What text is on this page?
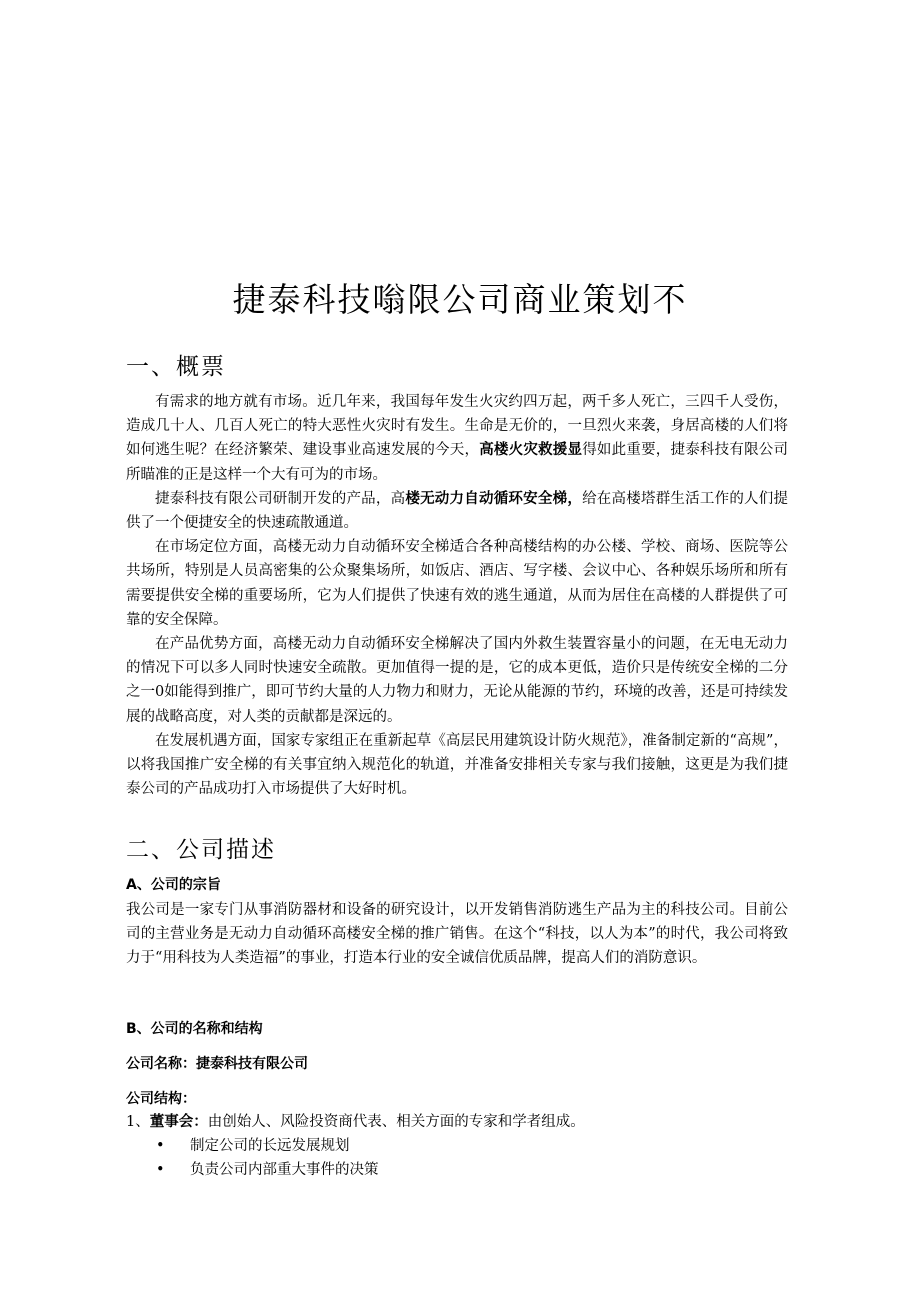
捷泰科技嗡限公司商业策划不
一、概票

有需求的地方就有市场。近几年来，我国每年发生火灾约四万起，两千多人死亡，三四千人受伤，造成几十人、几百人死亡的特大恶性火灾时有发生。生命是无价的，一旦烈火来袭，身居高楼的人们将如何逃生呢？在经济繁荣、建设事业高速发展的今天，高楼火灾救援显得如此重要，捷泰科技有限公司所瞄准的正是这样一个大有可为的市场。

捷泰科技有限公司研制开发的产品，高楼无动力自动循环安全梯，给在高楼塔群生活工作的人们提供了一个便捷安全的快速疏散通道。

在市场定位方面，高楼无动力自动循环安全梯适合各种高楼结构的办公楼、学校、商场、医院等公共场所，特别是人员高密集的公众聚集场所，如饭店、酒店、写字楼、会议中心、各种娱乐场所和所有需要提供安全梯的重要场所，它为人们提供了快速有效的逃生通道，从而为居住在高楼的人群提供了可靠的安全保障。

在产品优势方面，高楼无动力自动循环安全梯解决了国内外救生装置容量小的问题，在无电无动力的情况下可以多人同时快速安全疏散。更加值得一提的是，它的成本更低，造价只是传统安全梯的二分之一0如能得到推广，即可节约大量的人力物力和财力，无论从能源的节约，环境的改善，还是可持续发展的战略高度，对人类的贡献都是深远的。

在发展机遇方面，国家专家组正在重新起草《高层民用建筑设计防火规范》，准备制定新的“高规”，以将我国推广安全梯的有关事宜纳入规范化的轨道，并准备安排相关专家与我们接触，这更是为我们捷泰公司的产品成功打入市场提供了大好时机。

二、公司描述
A、公司的宗旨

我公司是一家专门从事消防器材和设备的研究设计，以开发销售消防逃生产品为主的科技公司。目前公司的主营业务是无动力自动循环高楼安全梯的推广销售。在这个“科技，以人为本”的时代，我公司将致力于“用科技为人类造福”的事业，打造本行业的安全诚信优质品牌，提高人们的消防意识。

B、公司的名称和结构
公司名称：捷泰科技有限公司
公司结构：
1、董事会：由创始人、风险投资商代表、相关方面的专家和学者组成。
• 制定公司的长远发展规划
• 负责公司内部重大事件的决策
